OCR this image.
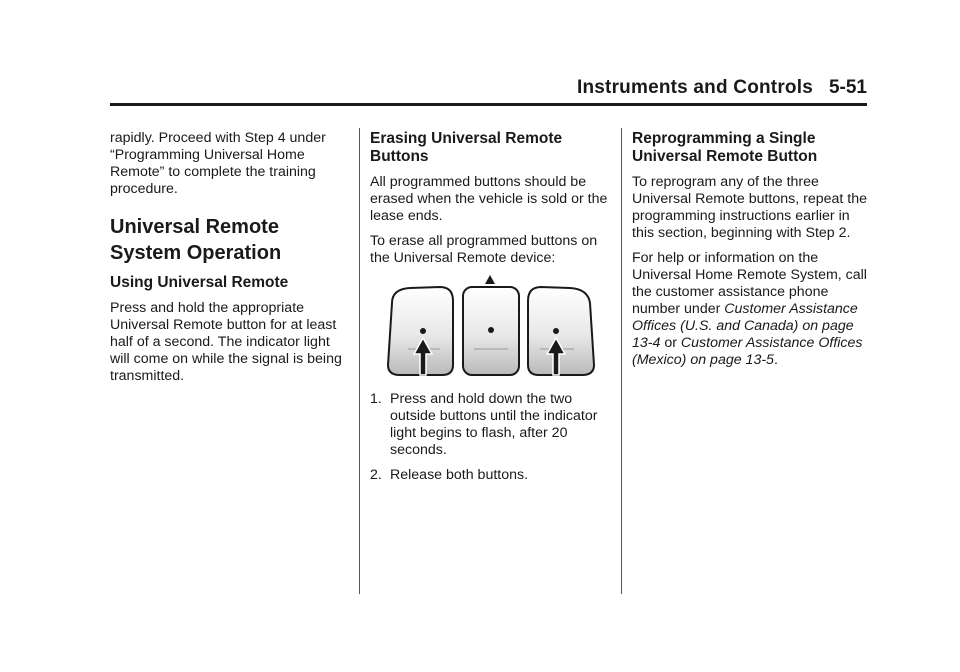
Instruments and Controls 5-51

rapidly. Proceed with Step 4 under “Programming Universal Home Remote” to complete the training procedure.

Universal Remote System Operation
Using Universal Remote

Press and hold the appropriate Universal Remote button for at least half of a second. The indicator light will come on while the signal is being transmitted.

Erasing Universal Remote Buttons

All programmed buttons should be erased when the vehicle is sold or the lease ends.

To erase all programmed buttons on the Universal Remote device:

1. Press and hold down the two outside buttons until the indicator light begins to flash, after 20 seconds.
2. Release both buttons.
Reprogramming a Single Universal Remote Button

To reprogram any of the three Universal Remote buttons, repeat the programming instructions earlier in this section, beginning with Step 2.

For help or information on the Universal Home Remote System, call the customer assistance phone number under Customer Assistance Offices (U.S. and Canada) on page 13-4 or Customer Assistance Offices (Mexico) on page 13-5.
